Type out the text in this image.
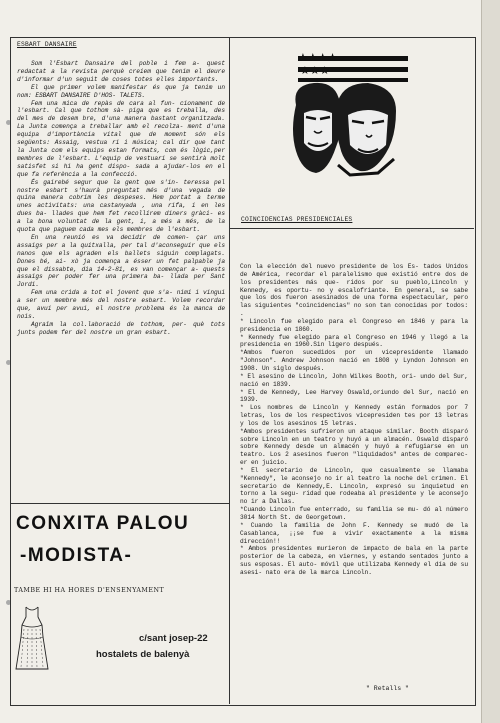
ESBART DANSAIRE

Som l'Esbart Dansaire del poble i fem a- quest redactat a la revista perquè creiem que tenim el deure d'informar d'un seguit de coses totes elles importants.

El que primer volem manifestar és que ja tenim un nom: ESBART DANSAIRE D'HOS- TALETS.

Fem una mica de repàs de cara al fun- cionament de l'esbart. Cal que tothom sà- piga que es treballa, des del mes de desem bre, d'una manera bastant organitzada. La Junta comença a treballar amb el recolza- ment d'una equipa d'importància vital que de moment són els següents: Assaig, vestua ri i música; cal dir que tant la Junta com els equips estan formats, com és lògic,per membres de l'esbart. L'equip de vestuari se sentirà molt satisfet si hi ha gent dispo- sada a ajudar-los en el que fa referència a la confecció.

És gairebé segur que la gent que s'in- teressa pel nostre esbart s'haurà preguntat més d'una vegada de quina manera cobrim les despeses. Hem portat a terme unes activitats: una castanyada , una rifa, i en les dues ba- llades que hem fet recollírem diners gràci- es a la bona voluntat de la gent, i, a més a més, de la quota que paguem cada mes els membres de l'esbart.

En una reunió es va decidir de comen- çar uns assaigs per a la quitxalla, per tal d'aconseguir que els nanos que els agraden els ballets siguin complagats. Dones bé, ai- xò ja comença a ésser un fet palpable ja que el dissabte, dia 14-2-81, es van començar a- quests assaigs per poder fer una primera ba- llada per Sant Jordi.

Fem una crida a tot el jovent que s'a- nimi i vingui a ser un membre més del nostre esbart. Volem recordar que, avui per avui, el nostre problema és la manca de nois.

Agraïm la col.laboració de tothom, per- què tots junts podem fer del nostre un gran esbart.

CONXITA PALOU
-MODISTA-
TAMBE HI HA HORES D'ENSENYAMENT
c/sant josep-22
hostalets de balenyà
★★★★
★★★
COINCIDENCIAS PRESIDENCIALES

Con la elección del nuevo presidente de los Es- tados Unidos de América, recordar el paralelismo que existió entre dos de los presidentes más que- ridos por su pueblo,Lincoln y Kennedy, es oportu- no y escalofriante. En general, se sabe que los dos fueron asesinados de una forma espectacular, pero las siguientes "coincidencias" no son tan conocidas por todos: .

* Lincoln fue elegido para el Congreso en 1846 y para la presidencia en 1860.

* Kennedy fue elegido para el Congreso en 1946 y llegó a la presidencia en 1960.Sin ligero después.

*Ambos fueron sucedidos por un vicepresidente llamado "Johnson". Andrew Johnson nació en 1808 y Lyndon Johnson en 1908. Un siglo después.

* El asesino de Lincoln, John Wilkes Booth, ori- undo del Sur, nació en 1839.

* El de Kennedy, Lee Harvey Oswald,oriundo del Sur, nació en 1939.

* Los nombres de Lincoln y Kennedy están formados por 7 letras, los de los respectivos vicepresiden tes por 13 letras y los de los asesinos 15 letras.

*Ambos presidentes sufrieron un ataque similar. Booth disparó sobre Lincoln en un teatro y huyó a un almacén. Oswald disparó sobre Kennedy desde un almacén y huyó a refugiarse en un teatro. Los 2 asesinos fueron "liquidados" antes de comparec- er en juicio.

* El secretario de Lincoln, que casualmente se llamaba "Kennedy", le aconsejo no ir al teatro la noche del crimen. El secretario de Kennedy,E. Lincoln, expresó su inquietud en torno a la segu- ridad que rodeaba al presidente y le aconsejo no ir a Dallas.

*Cuando Lincoln fue enterrado, su familia se mu- dó al número 3014 North St. de Georgetown.

* Cuando la familia de John F. Kennedy se mudó de la Casablanca, ¡¡se fue a vivir exactamente a la misma dirección!!

* Ambos presidentes murieron de impacto de bala en la parte posterior de la cabeza, en viernes, y estando sentados junto a sus esposas. El auto- móvil que utilizaba Kennedy el día de su asesi- nato era de la marca Lincoln.

" Retalls "
